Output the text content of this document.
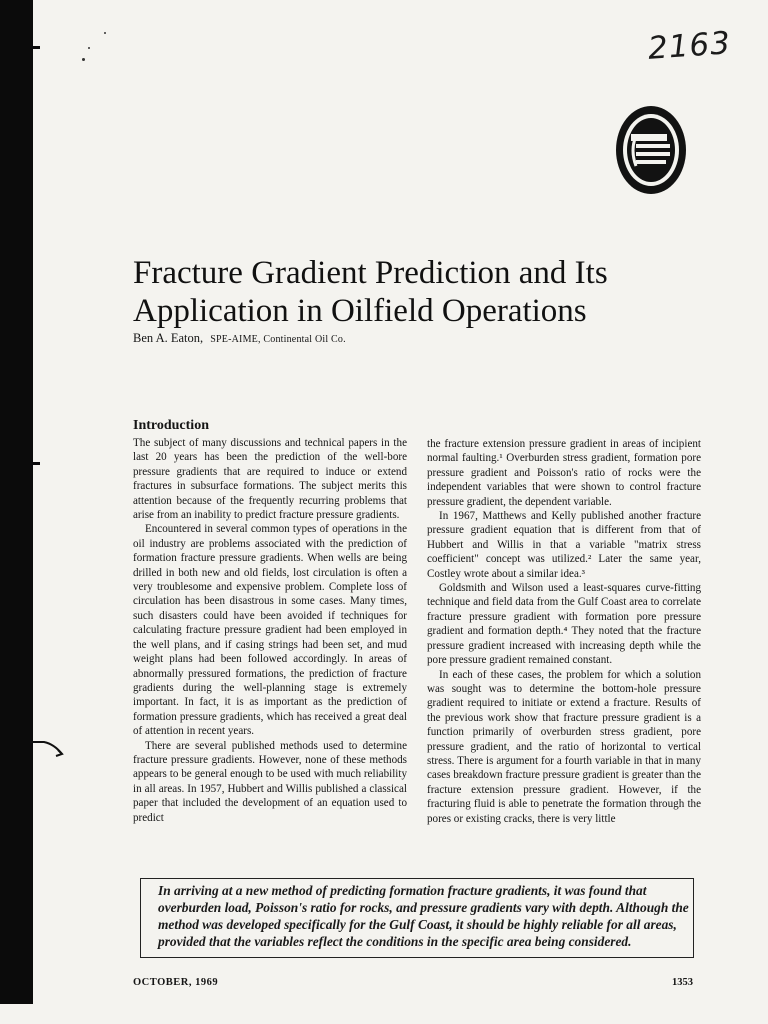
2163
Fracture Gradient Prediction and Its Application in Oilfield Operations
Ben A. Eaton, SPE-AIME, Continental Oil Co.
Introduction

The subject of many discussions and technical papers in the last 20 years has been the prediction of the well-bore pressure gradients that are required to induce or extend fractures in subsurface formations. The subject merits this attention because of the frequently recurring problems that arise from an inability to predict fracture pressure gradients.

Encountered in several common types of operations in the oil industry are problems associated with the prediction of formation fracture pressure gradients. When wells are being drilled in both new and old fields, lost circulation is often a very troublesome and expensive problem. Complete loss of circulation has been disastrous in some cases. Many times, such disasters could have been avoided if techniques for calculating fracture pressure gradient had been employed in the well plans, and if casing strings had been set, and mud weight plans had been followed accordingly. In areas of abnormally pressured formations, the prediction of fracture gradients during the well-planning stage is extremely important. In fact, it is as important as the prediction of formation pressure gradients, which has received a great deal of attention in recent years.

There are several published methods used to determine fracture pressure gradients. However, none of these methods appears to be general enough to be used with much reliability in all areas. In 1957, Hubbert and Willis published a classical paper that included the development of an equation used to predict

the fracture extension pressure gradient in areas of incipient normal faulting.¹ Overburden stress gradient, formation pore pressure gradient and Poisson's ratio of rocks were the independent variables that were shown to control fracture pressure gradient, the dependent variable.

In 1967, Matthews and Kelly published another fracture pressure gradient equation that is different from that of Hubbert and Willis in that a variable "matrix stress coefficient" concept was utilized.² Later the same year, Costley wrote about a similar idea.³

Goldsmith and Wilson used a least-squares curve-fitting technique and field data from the Gulf Coast area to correlate fracture pressure gradient with formation pore pressure gradient and formation depth.⁴ They noted that the fracture pressure gradient increased with increasing depth while the pore pressure gradient remained constant.

In each of these cases, the problem for which a solution was sought was to determine the bottom-hole pressure gradient required to initiate or extend a fracture. Results of the previous work show that fracture pressure gradient is a function primarily of overburden stress gradient, pore pressure gradient, and the ratio of horizontal to vertical stress. There is argument for a fourth variable in that in many cases breakdown fracture pressure gradient is greater than the fracture extension pressure gradient. However, if the fracturing fluid is able to penetrate the formation through the pores or existing cracks, there is very little

In arriving at a new method of predicting formation fracture gradients, it was found that overburden load, Poisson's ratio for rocks, and pressure gradients vary with depth. Although the method was developed specifically for the Gulf Coast, it should be highly reliable for all areas, provided that the variables reflect the conditions in the specific area being considered.
OCTOBER, 1969	1353
